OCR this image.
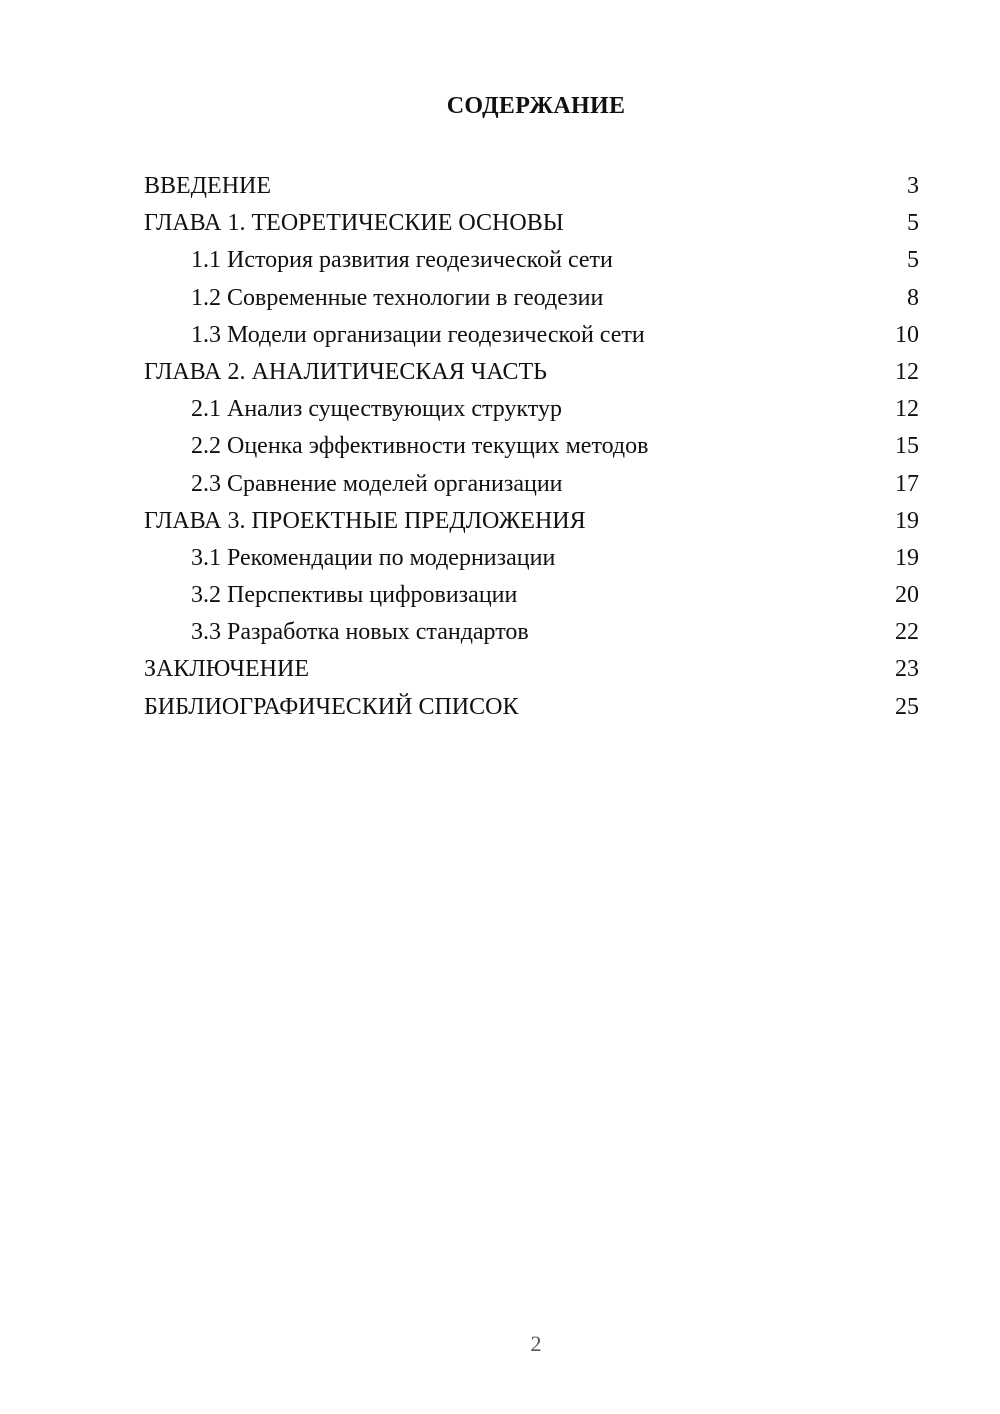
СОДЕРЖАНИЕ
ВВЕДЕНИЕ	3
ГЛАВА 1. ТЕОРЕТИЧЕСКИЕ ОСНОВЫ	5
1.1 История развития геодезической сети	5
1.2 Современные технологии в геодезии	8
1.3 Модели организации геодезической сети	10
ГЛАВА 2. АНАЛИТИЧЕСКАЯ ЧАСТЬ	12
2.1 Анализ существующих структур	12
2.2 Оценка эффективности текущих методов	15
2.3 Сравнение моделей организации	17
ГЛАВА 3. ПРОЕКТНЫЕ ПРЕДЛОЖЕНИЯ	19
3.1 Рекомендации по модернизации	19
3.2 Перспективы цифровизации	20
3.3 Разработка новых стандартов	22
ЗАКЛЮЧЕНИЕ	23
БИБЛИОГРАФИЧЕСКИЙ СПИСОК	25
2
